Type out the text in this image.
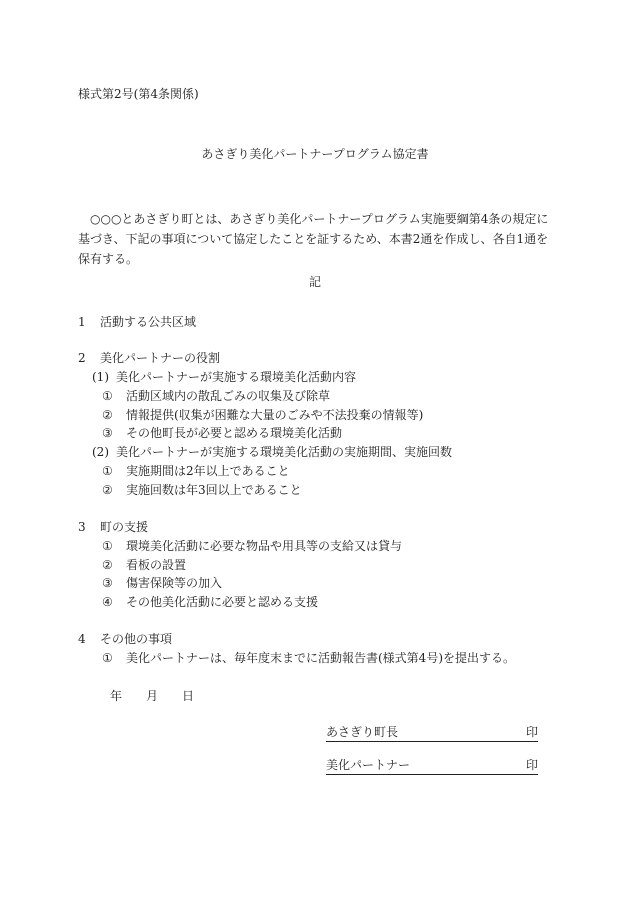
様式第2号(第4条関係)
あさぎり美化パートナープログラム協定書
○○○とあさぎり町とは、あさぎり美化パートナープログラム実施要綱第4条の規定に基づき、下記の事項について協定したことを証するため、本書2通を作成し、各自1通を保有する。
記
1 活動する公共区域
2 美化パートナーの役割
(1) 美化パートナーが実施する環境美化活動内容
① 活動区域内の散乱ごみの収集及び除草
② 情報提供(収集が困難な大量のごみや不法投棄の情報等)
③ その他町長が必要と認める環境美化活動
(2) 美化パートナーが実施する環境美化活動の実施期間、実施回数
① 実施期間は2年以上であること
② 実施回数は年3回以上であること
3 町の支援
① 環境美化活動に必要な物品や用具等の支給又は貸与
② 看板の設置
③ 傷害保険等の加入
④ その他美化活動に必要と認める支援
4 その他の事項
① 美化パートナーは、毎年度末までに活動報告書(様式第4号)を提出する。
年 月 日
あさぎり町長	印
美化パートナー	印
